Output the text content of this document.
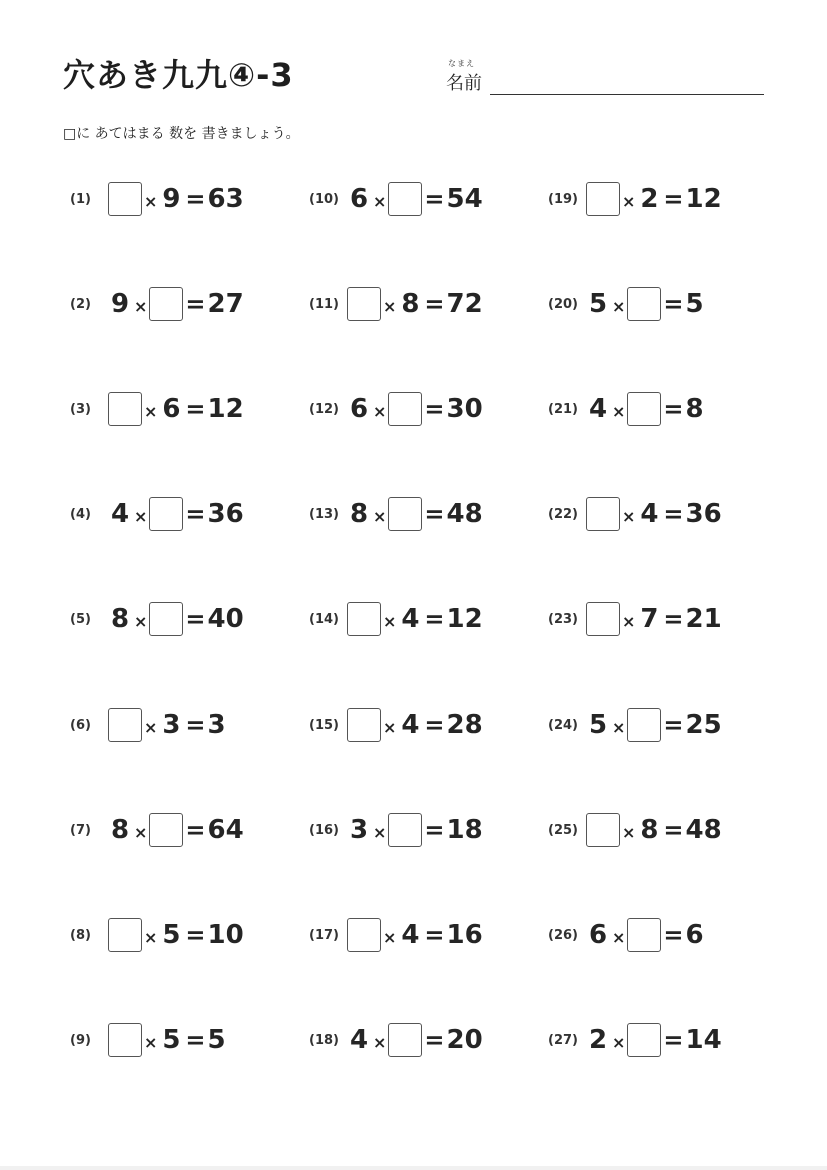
穴あき九九④-3	なまえ
名前
□に あてはまる 数を 書きましょう。
(1)	× 9 = 63
(2) 9 × = 27
(3)	× 6 = 12
(4) 4 × = 36
(5) 8 × = 40
(6)	× 3 = 3
(7) 8 × = 64
(8)	× 5 = 10
(9)	× 5 = 5
(10) 6 × = 54
(11)	× 8 = 72
(12) 6 × = 30
(13) 8 × = 48
(14)	× 4 = 12
(15)	× 4 = 28
(16) 3 × = 18
(17)	× 4 = 16
(18) 4 × = 20
(19)	× 2 = 12
(20) 5 × = 5
(21) 4 × = 8
(22)	× 4 = 36
(23)	× 7 = 21
(24) 5 × = 25
(25)	× 8 = 48
(26) 6 × = 6
(27) 2 × = 14
